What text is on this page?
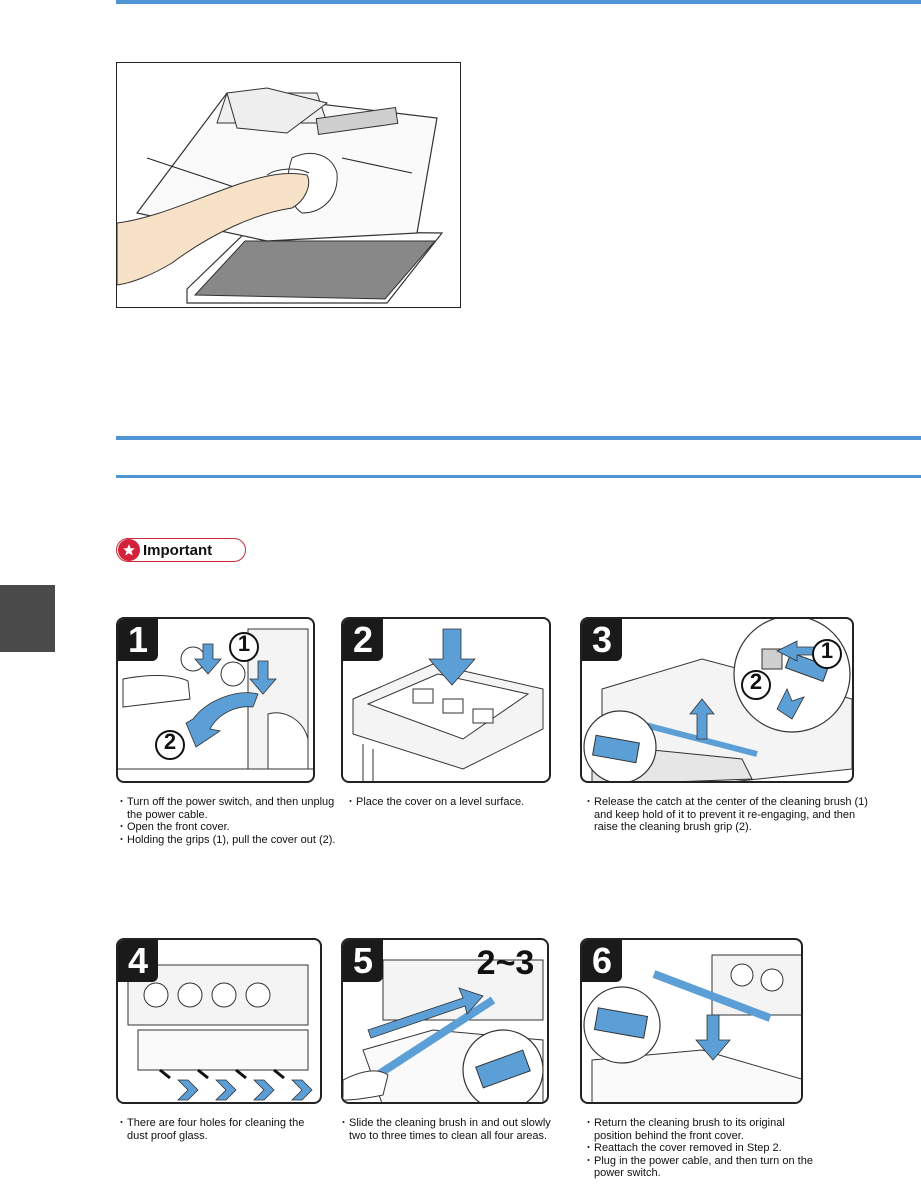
Important
1	1
2
・Turn off the power switch, and then unplug the power cable.
・Open the front cover.
・Holding the grips (1), pull the cover out (2).
2
・Place the cover on a level surface.
3	1
2
・Release the catch at the center of the cleaning brush (1) and keep hold of it to prevent it re-engaging, and then raise the cleaning brush grip (2).
4
・There are four holes for cleaning the dust proof glass.
5	2~3
・Slide the cleaning brush in and out slowly two to three times to clean all four areas.
6
・Return the cleaning brush to its original position behind the front cover.
・Reattach the cover removed in Step 2.
・Plug in the power cable, and then turn on the power switch.
